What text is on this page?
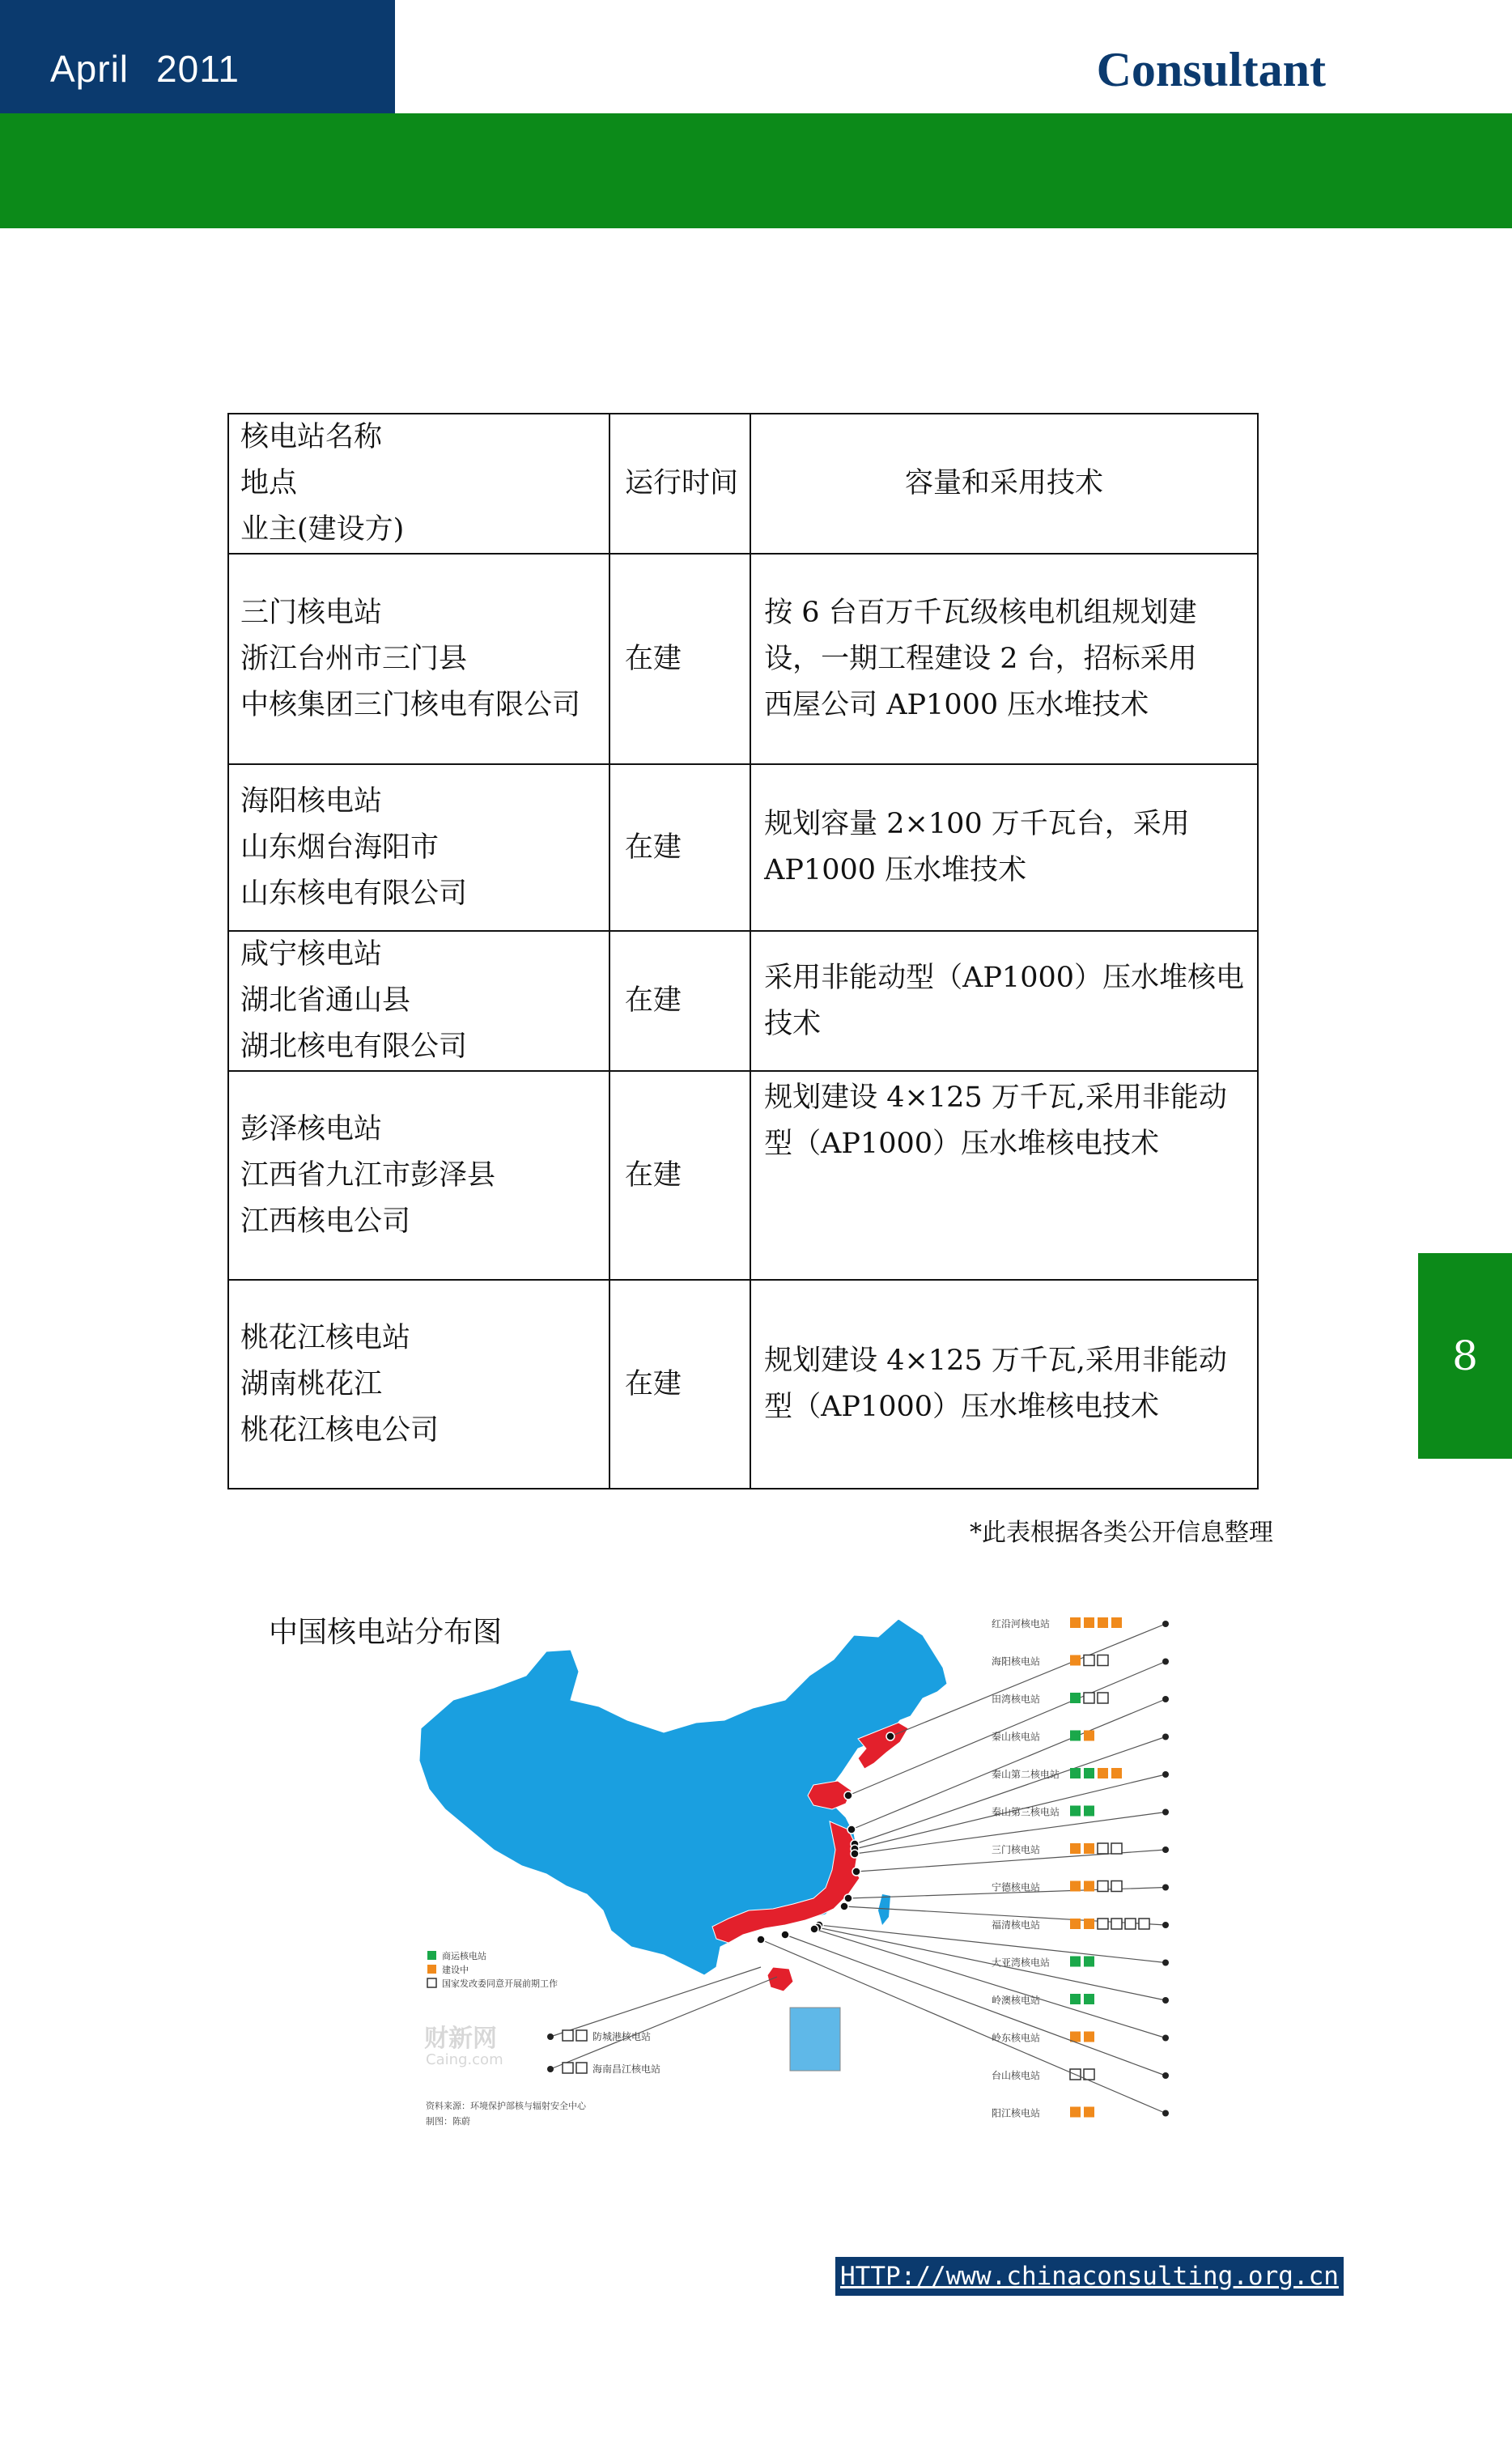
April 2011	Consultant
8
核电站名称
地点
业主(建设方)	运行时间	容量和采用技术

三门核电站
浙江台州市三门县
中核集团三门核电有限公司	在建	按 6 台百万千瓦级核电机组规划建
设，一期工程建设 2 台，招标采用
西屋公司 AP1000 压水堆技术

海阳核电站
山东烟台海阳市
山东核电有限公司	在建	规划容量 2×100 万千瓦台，采用
AP1000 压水堆技术

咸宁核电站
湖北省通山县
湖北核电有限公司	在建	采用非能动型（AP1000）压水堆核电
技术

彭泽核电站
江西省九江市彭泽县
江西核电公司	在建	规划建设 4×125 万千瓦,采用非能动
型（AP1000）压水堆核电技术

桃花江核电站
湖南桃花江
桃花江核电公司	在建	规划建设 4×125 万千瓦,采用非能动
型（AP1000）压水堆核电技术
*此表根据各类公开信息整理
中国核电站分布图	红沿河核电站
海阳核电站
田湾核电站
秦山核电站
秦山第二核电站
秦山第三核电站
三门核电站
宁德核电站
福清核电站
大亚湾核电站
岭澳核电站
岭东核电站
台山核电站
阳江核电站
防城港核电站
海南昌江核电站
商运核电站
建设中
国家发改委同意开展前期工作
财新网
Caing.com
资料来源：环境保护部核与辐射安全中心
制图：陈蔚
HTTP://www.chinaconsulting.org.cn
